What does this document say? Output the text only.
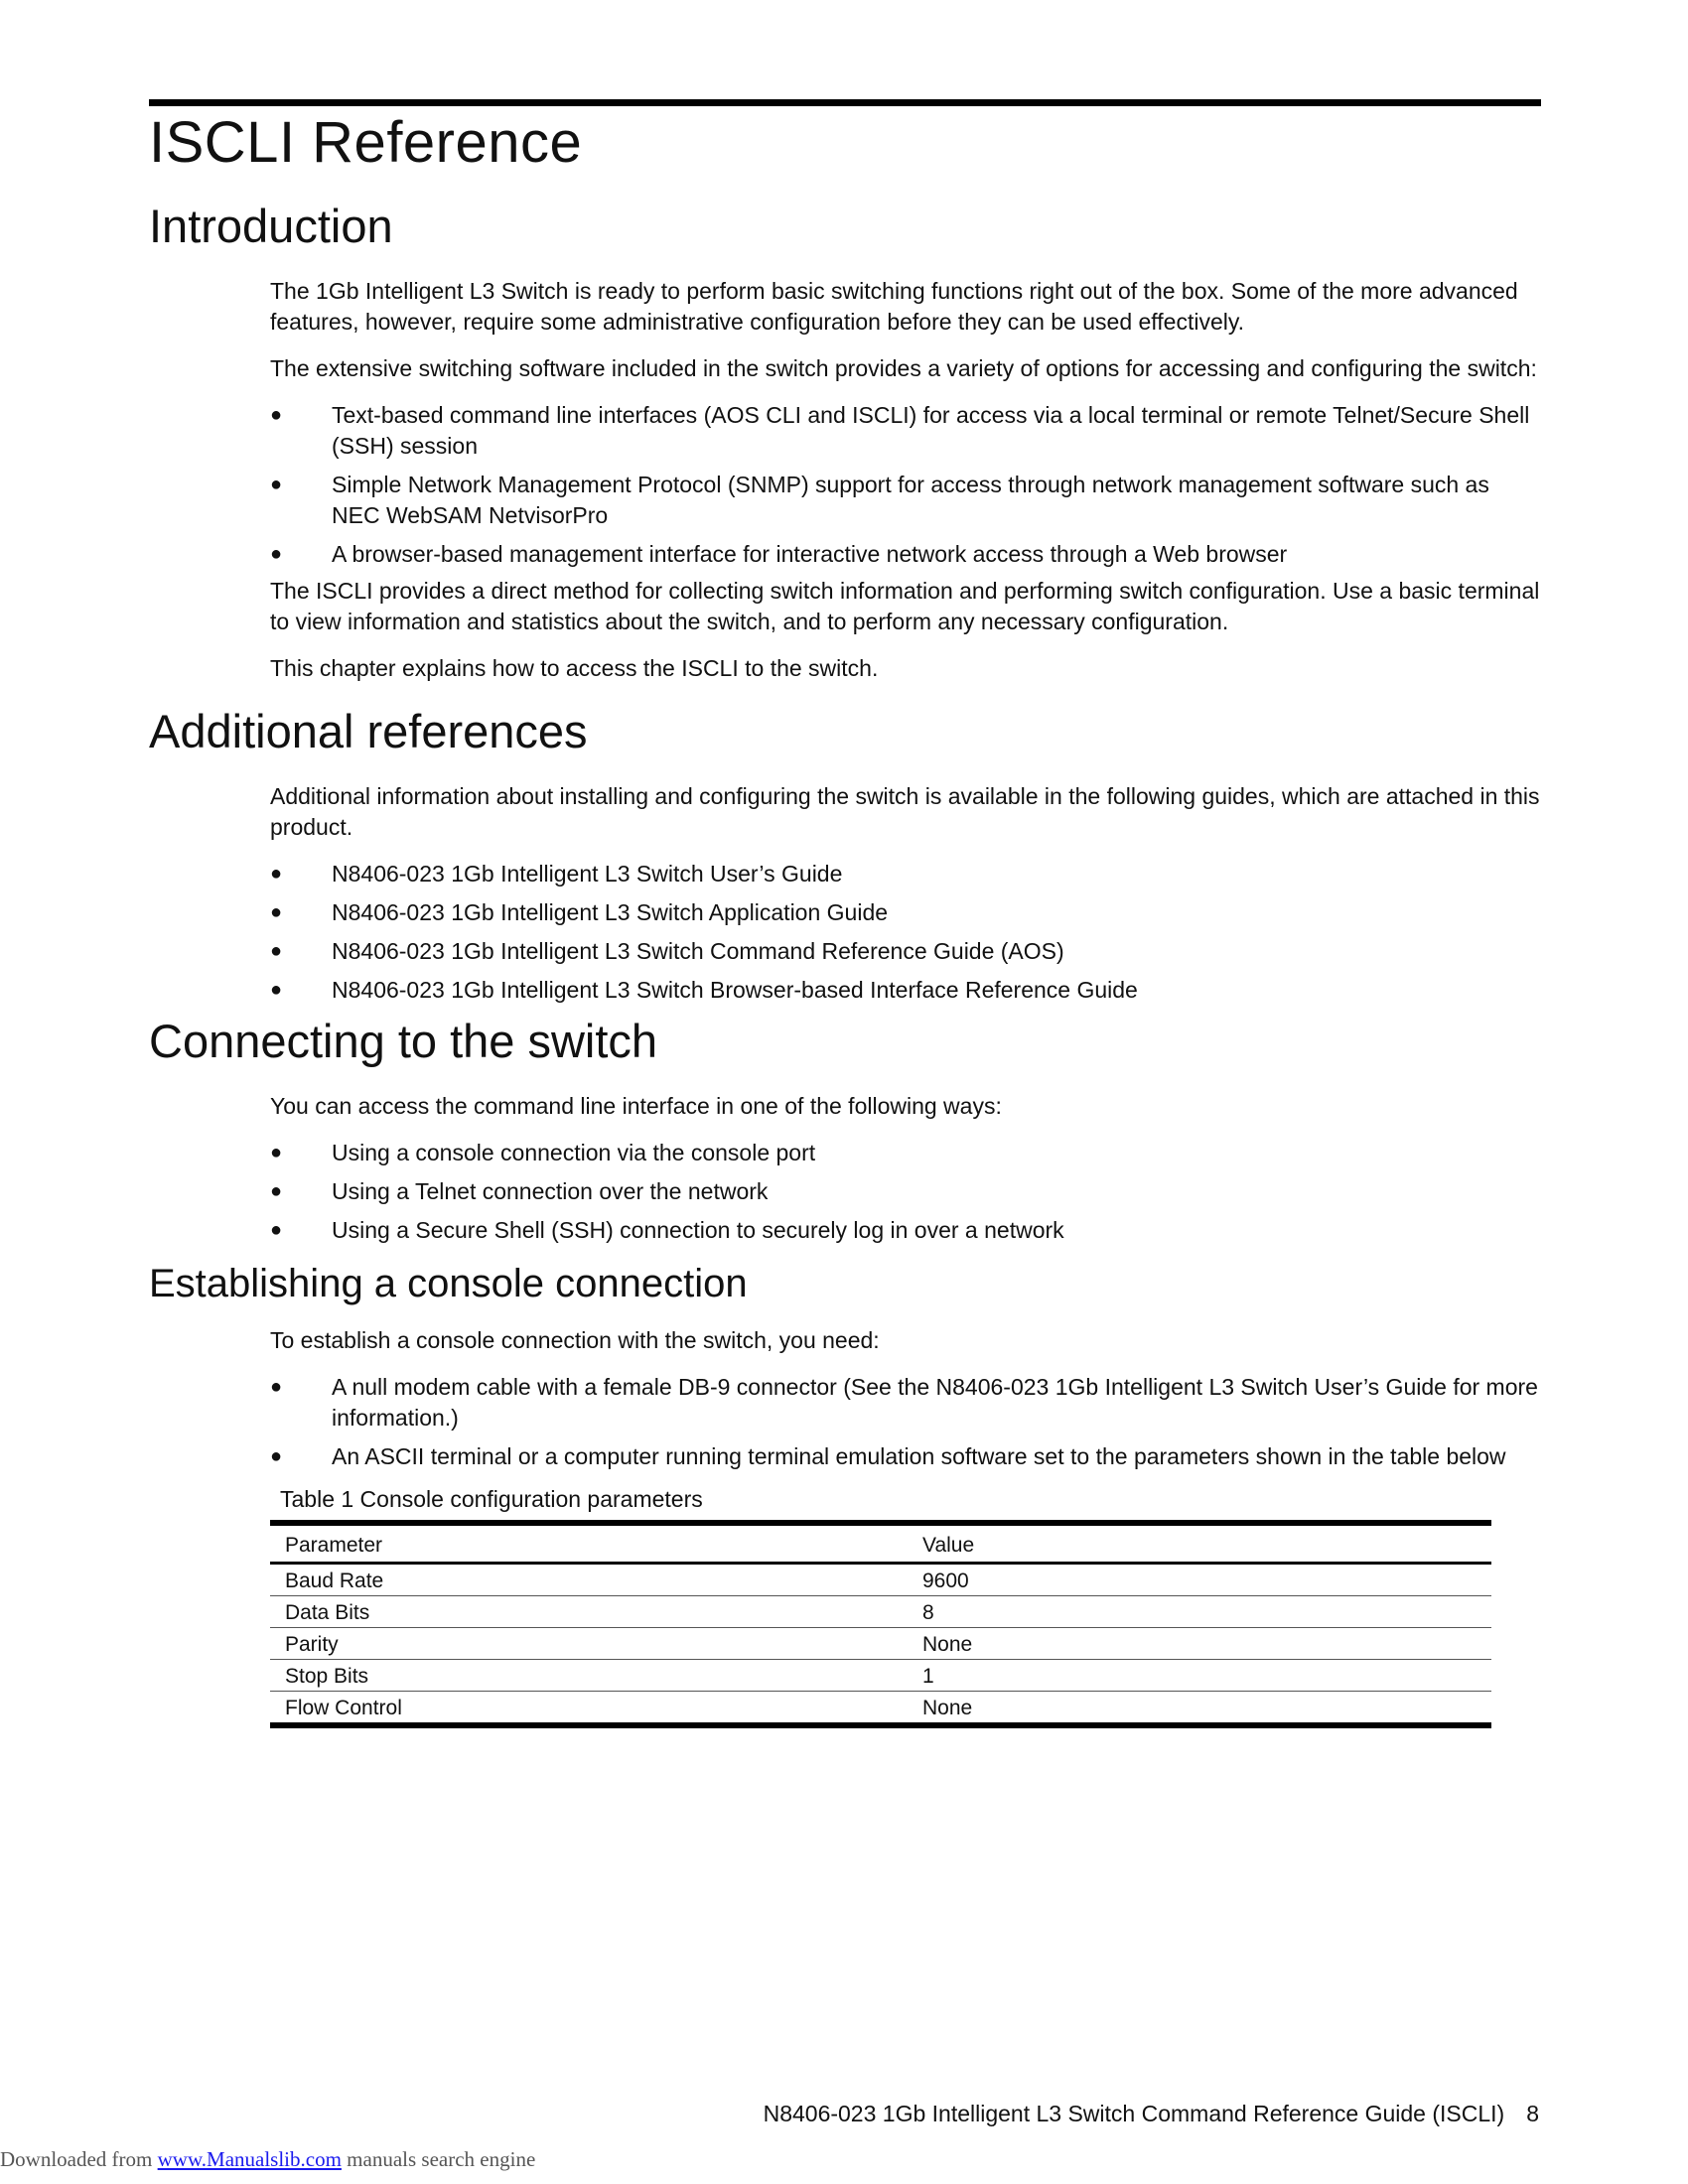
ISCLI Reference
Introduction

The 1Gb Intelligent L3 Switch is ready to perform basic switching functions right out of the box. Some of the more advanced features, however, require some administrative configuration before they can be used effectively.

The extensive switching software included in the switch provides a variety of options for accessing and configuring the switch:

● Text-based command line interfaces (AOS CLI and ISCLI) for access via a local terminal or remote Telnet/Secure Shell (SSH) session
● Simple Network Management Protocol (SNMP) support for access through network management software such as NEC WebSAM NetvisorPro
● A browser-based management interface for interactive network access through a Web browser

The ISCLI provides a direct method for collecting switch information and performing switch configuration. Use a basic terminal to view information and statistics about the switch, and to perform any necessary configuration.

This chapter explains how to access the ISCLI to the switch.

Additional references

Additional information about installing and configuring the switch is available in the following guides, which are attached in this product.

● N8406-023 1Gb Intelligent L3 Switch User’s Guide
● N8406-023 1Gb Intelligent L3 Switch Application Guide
● N8406-023 1Gb Intelligent L3 Switch Command Reference Guide (AOS)
● N8406-023 1Gb Intelligent L3 Switch Browser-based Interface Reference Guide
Connecting to the switch

You can access the command line interface in one of the following ways:

● Using a console connection via the console port
● Using a Telnet connection over the network
● Using a Secure Shell (SSH) connection to securely log in over a network
Establishing a console connection

To establish a console connection with the switch, you need:

● A null modem cable with a female DB-9 connector (See the N8406-023 1Gb Intelligent L3 Switch User’s Guide for more information.)
● An ASCII terminal or a computer running terminal emulation software set to the parameters shown in the table below
Table 1 Console configuration parameters
Parameter	Value
Baud Rate	9600
Data Bits	8
Parity	None
Stop Bits	1
Flow Control	None
N8406-023 1Gb Intelligent L3 Switch Command Reference Guide (ISCLI) 8
Downloaded from www.Manualslib.com manuals search engine
